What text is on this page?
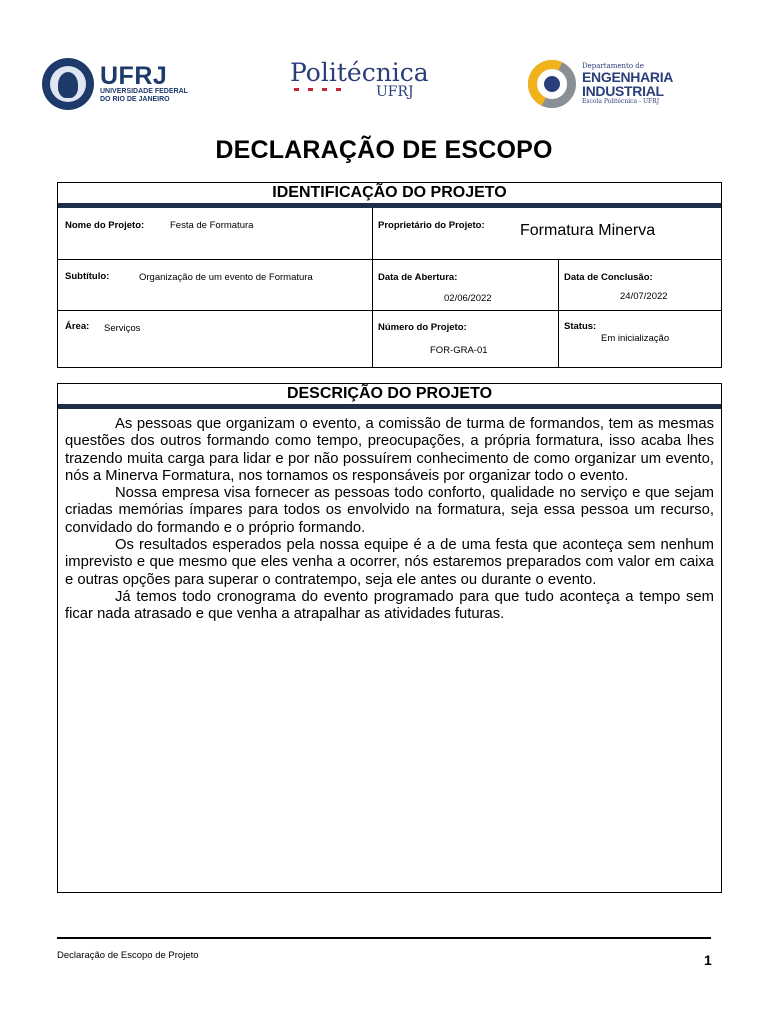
UFRJ
UNIVERSIDADE FEDERAL
DO RIO DE JANEIRO
Politécnica
UFRJ
Departamento de
ENGENHARIA
INDUSTRIAL
Escola Politécnica - UFRJ
DECLARAÇÃO DE ESCOPO
IDENTIFICAÇÃO DO PROJETO
Nome do Projeto:	Festa de Formatura	Proprietário do Projeto: Formatura Minerva
Subtítulo:	Organização de um evento de Formatura	Data de Abertura:
02/06/2022
Data de Conclusão:
24/07/2022
Área: Serviços	Número do Projeto:
FOR-GRA-01
Status:
Em inicialização
DESCRIÇÃO DO PROJETO

As pessoas que organizam o evento, a comissão de turma de formandos, tem as mesmas questões dos outros formando como tempo, preocupações, a própria formatura, isso acaba lhes trazendo muita carga para lidar e por não possuírem conhecimento de como organizar um evento, nós a Minerva Formatura, nos tornamos os responsáveis por organizar todo o evento.

Nossa empresa visa fornecer as pessoas todo conforto, qualidade no serviço e que sejam criadas memórias ímpares para todos os envolvido na formatura, seja essa pessoa um recurso, convidado do formando e o próprio formando.

Os resultados esperados pela nossa equipe é a de uma festa que aconteça sem nenhum imprevisto e que mesmo que eles venha a ocorrer, nós estaremos preparados com valor em caixa e outras opções para superar o contratempo, seja ele antes ou durante o evento.

Já temos todo cronograma do evento programado para que tudo aconteça a tempo sem ficar nada atrasado e que venha a atrapalhar as atividades futuras.

Declaração de Escopo de Projeto	1
